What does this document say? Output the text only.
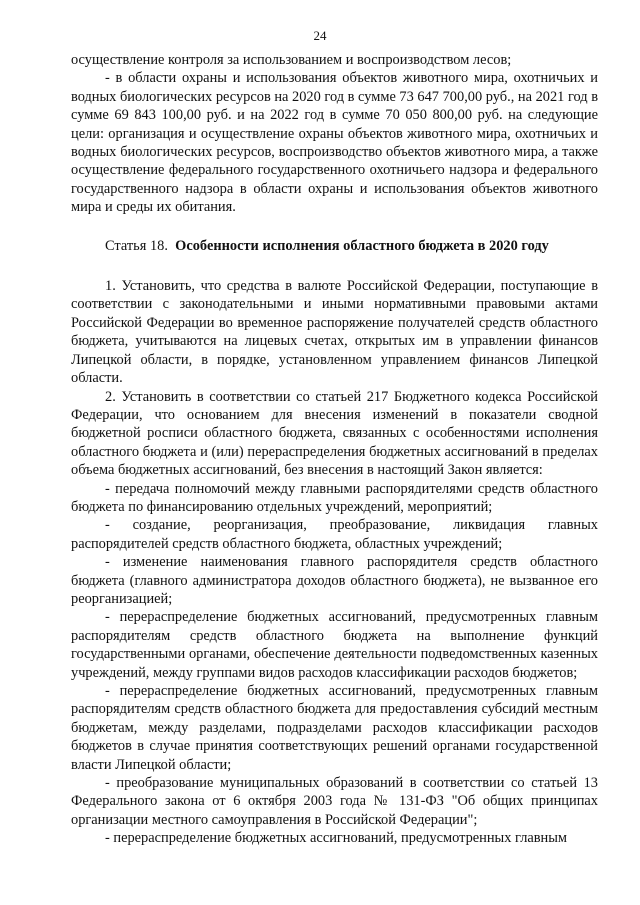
24

осуществление контроля за использованием и воспроизводством лесов;

- в области охраны и использования объектов животного мира, охотничьих и водных биологических ресурсов на 2020 год в сумме 73 647 700,00 руб., на 2021 год в сумме 69 843 100,00 руб. и на 2022 год в сумме 70 050 800,00 руб. на следующие цели: организация и осуществление охраны объектов животного мира, охотничьих и водных биологических ресурсов, воспроизводство объектов животного мира, а также осуществление федерального государственного охотничьего надзора и федерального государственного надзора в области охраны и использования объектов животного мира и среды их обитания.

Статья 18. Особенности исполнения областного бюджета в 2020 году

1. Установить, что средства в валюте Российской Федерации, поступающие в соответствии с законодательными и иными нормативными правовыми актами Российской Федерации во временное распоряжение получателей средств областного бюджета, учитываются на лицевых счетах, открытых им в управлении финансов Липецкой области, в порядке, установленном управлением финансов Липецкой области.

2. Установить в соответствии со статьей 217 Бюджетного кодекса Российской Федерации, что основанием для внесения изменений в показатели сводной бюджетной росписи областного бюджета, связанных с особенностями исполнения областного бюджета и (или) перераспределения бюджетных ассигнований в пределах объема бюджетных ассигнований, без внесения в настоящий Закон является:

- передача полномочий между главными распорядителями средств областного бюджета по финансированию отдельных учреждений, мероприятий;

- создание, реорганизация, преобразование, ликвидация главных распорядителей средств областного бюджета, областных учреждений;

- изменение наименования главного распорядителя средств областного бюджета (главного администратора доходов областного бюджета), не вызванное его реорганизацией;

- перераспределение бюджетных ассигнований, предусмотренных главным распорядителям средств областного бюджета на выполнение функций государственными органами, обеспечение деятельности подведомственных казенных учреждений, между группами видов расходов классификации расходов бюджетов;

- перераспределение бюджетных ассигнований, предусмотренных главным распорядителям средств областного бюджета для предоставления субсидий местным бюджетам, между разделами, подразделами расходов классификации расходов бюджетов в случае принятия соответствующих решений органами государственной власти Липецкой области;

- преобразование муниципальных образований в соответствии со статьей 13 Федерального закона от 6 октября 2003 года № 131-ФЗ "Об общих принципах организации местного самоуправления в Российской Федерации";

- перераспределение бюджетных ассигнований, предусмотренных главным
